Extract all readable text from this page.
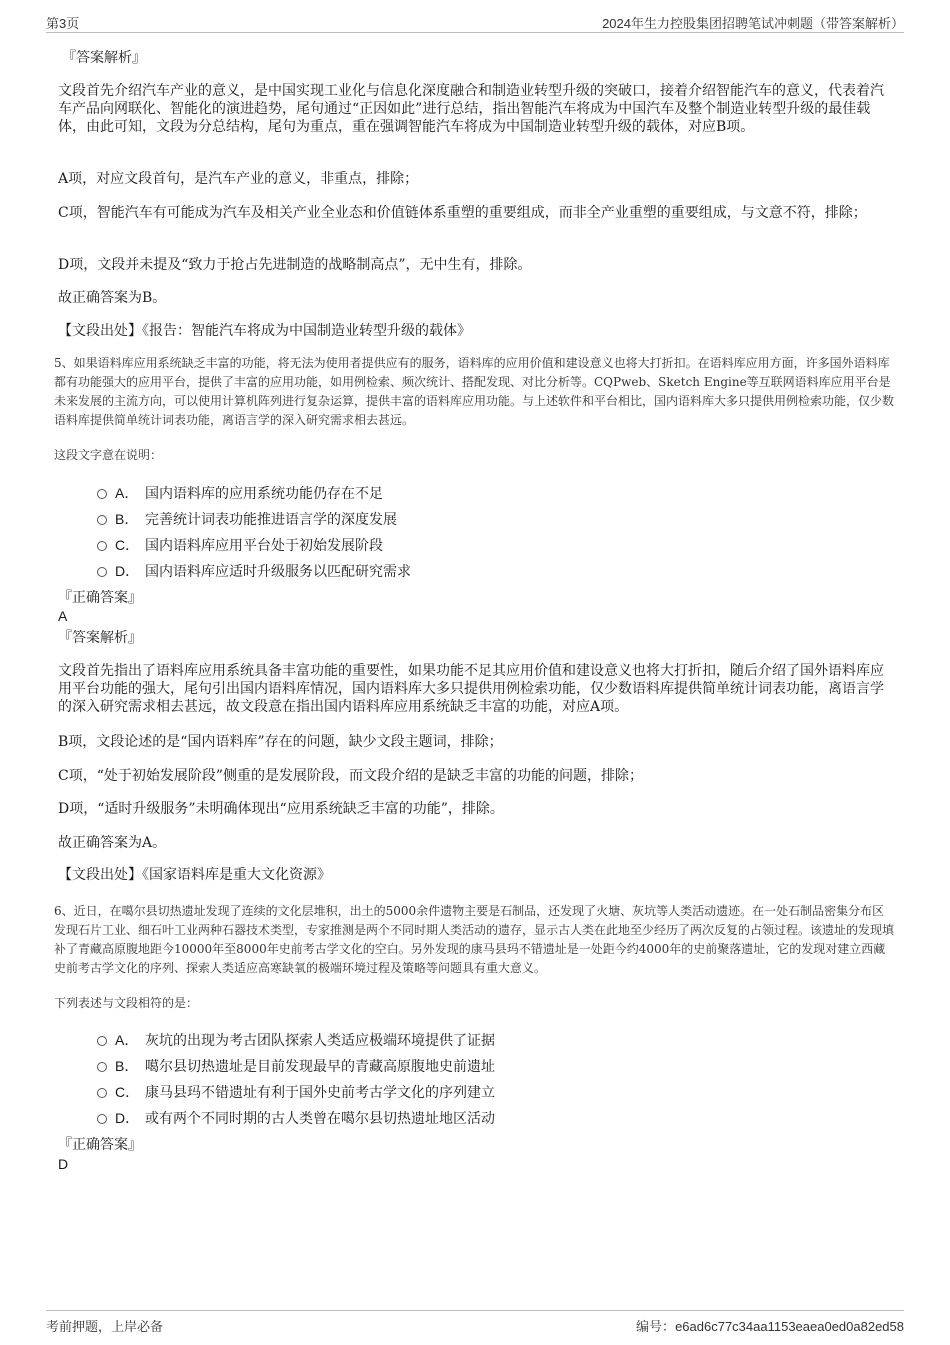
第3页	2024年生力控股集团招聘笔试冲刺题（带答案解析）
『答案解析』
文段首先介绍汽车产业的意义，是中国实现工业化与信息化深度融合和制造业转型升级的突破口，接着介绍智能汽车的意义，代表着汽车产品向网联化、智能化的演进趋势，尾句通过“正因如此”进行总结，指出智能汽车将成为中国汽车及整个制造业转型升级的最佳载体，由此可知，文段为分总结构，尾句为重点，重在强调智能汽车将成为中国制造业转型升级的载体，对应B项。
A项，对应文段首句，是汽车产业的意义，非重点，排除；
C项，智能汽车有可能成为汽车及相关产业全业态和价值链体系重塑的重要组成，而非全产业重塑的重要组成，与文意不符，排除；
D项，文段并未提及“致力于抢占先进制造的战略制高点”，无中生有，排除。
故正确答案为B。
【文段出处】《报告：智能汽车将成为中国制造业转型升级的载体》
5、如果语料库应用系统缺乏丰富的功能，将无法为使用者提供应有的服务，语料库的应用价值和建设意义也将大打折扣。在语料库应用方面，许多国外语料库都有功能强大的应用平台，提供了丰富的应用功能，如用例检索、频次统计、搭配发现、对比分析等。CQPweb、Sketch Engine等互联网语料库应用平台是未来发展的主流方向，可以使用计算机阵列进行复杂运算，提供丰富的语料库应用功能。与上述软件和平台相比，国内语料库大多只提供用例检索功能，仅少数语料库提供简单统计词表功能，离语言学的深入研究需求相去甚远。
这段文字意在说明：
A． 国内语料库的应用系统功能仍存在不足
B． 完善统计词表功能推进语言学的深度发展
C． 国内语料库应用平台处于初始发展阶段
D． 国内语料库应适时升级服务以匹配研究需求
『正确答案』
A
『答案解析』
文段首先指出了语料库应用系统具备丰富功能的重要性，如果功能不足其应用价值和建设意义也将大打折扣，随后介绍了国外语料库应用平台功能的强大，尾句引出国内语料库情况，国内语料库大多只提供用例检索功能，仅少数语料库提供简单统计词表功能，离语言学的深入研究需求相去甚远，故文段意在指出国内语料库应用系统缺乏丰富的功能，对应A项。
B项，文段论述的是“国内语料库”存在的问题，缺少文段主题词，排除；
C项，“处于初始发展阶段”侧重的是发展阶段，而文段介绍的是缺乏丰富的功能的问题，排除；
D项，“适时升级服务”未明确体现出“应用系统缺乏丰富的功能”，排除。
故正确答案为A。
【文段出处】《国家语料库是重大文化资源》
6、近日，在噶尔县切热遗址发现了连续的文化层堆积，出土的5000余件遗物主要是石制品，还发现了火塘、灰坑等人类活动遗迹。在一处石制品密集分布区发现石片工业、细石叶工业两种石器技术类型，专家推测是两个不同时期人类活动的遗存，显示古人类在此地至少经历了两次反复的占领过程。该遗址的发现填补了青藏高原腹地距今10000年至8000年史前考古学文化的空白。另外发现的康马县玛不错遗址是一处距今约4000年的史前聚落遗址，它的发现对建立西藏史前考古学文化的序列、探索人类适应高寒缺氧的极端环境过程及策略等问题具有重大意义。
下列表述与文段相符的是：
A． 灰坑的出现为考古团队探索人类适应极端环境提供了证据
B． 噶尔县切热遗址是目前发现最早的青藏高原腹地史前遗址
C． 康马县玛不错遗址有利于国外史前考古学文化的序列建立
D． 或有两个不同时期的古人类曾在噶尔县切热遗址地区活动
『正确答案』
D
考前押题，上岸必备	编号：e6ad6c77c34aa1153eaea0ed0a82ed58
